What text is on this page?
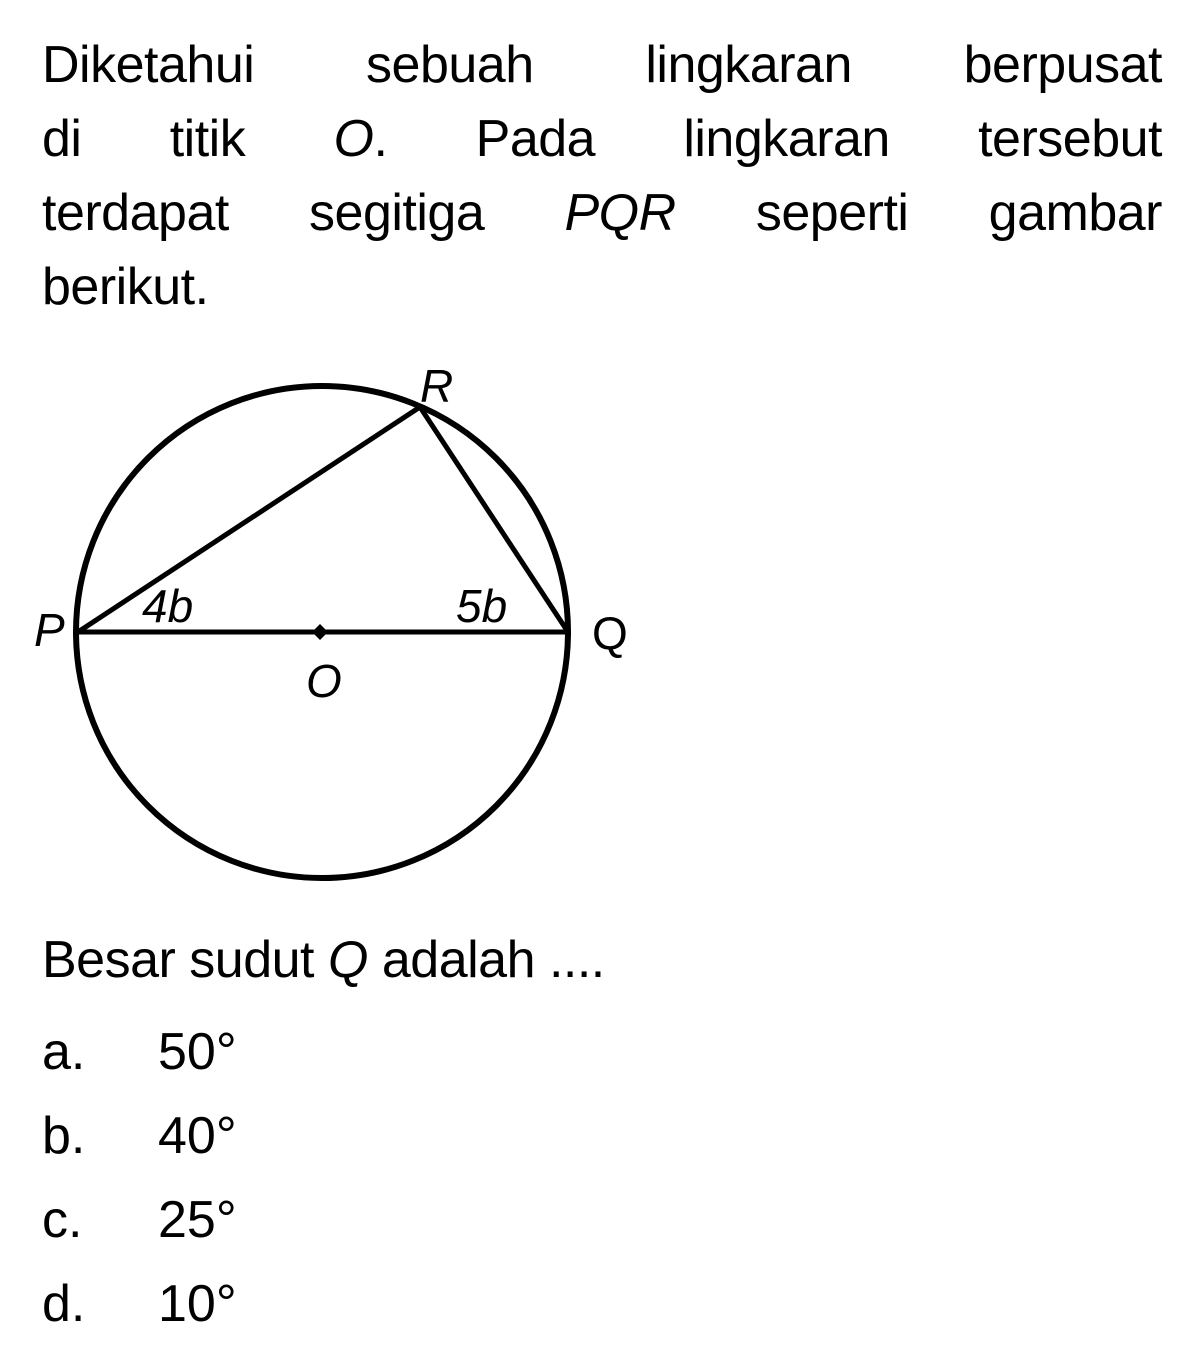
Diketahui sebuah lingkaran berpusat
di titik O. Pada lingkaran tersebut
terdapat segitiga PQR seperti gambar
berikut.
R
P	Q
O
4b	5b
Besar sudut Q adalah ....
a.	50°
b.	40°
c.	25°
d.	10°
